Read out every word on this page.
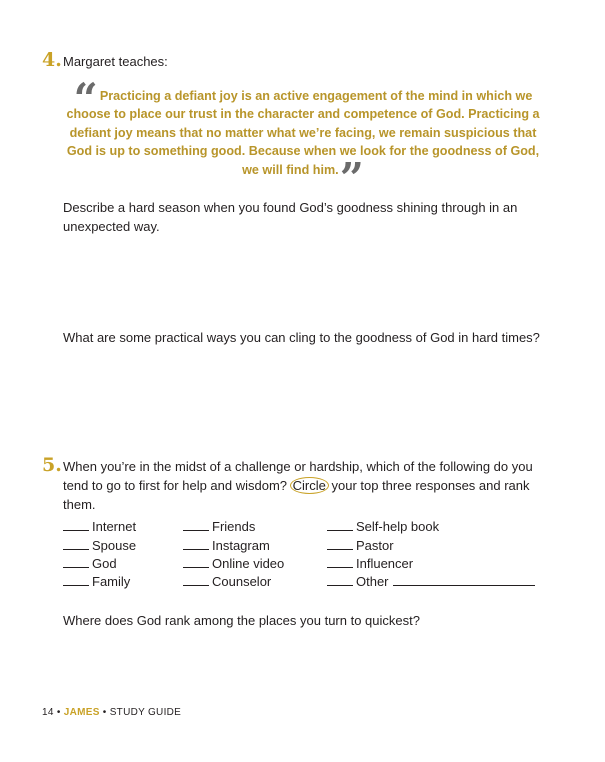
4. Margaret teaches:
“ Practicing a defiant joy is an active engagement of the mind in which we choose to place our trust in the character and competence of God. Practicing a defiant joy means that no matter what we’re facing, we remain suspicious that God is up to something good. Because when we look for the goodness of God, we will find him.”
Describe a hard season when you found God’s goodness shining through in an unexpected way.
What are some practical ways you can cling to the goodness of God in hard times?
5. When you’re in the midst of a challenge or hardship, which of the following do you tend to go to first for help and wisdom? Circle your top three responses and rank them.
Internet
Spouse
God
Family
Friends
Instagram
Online video
Counselor
Self-help book
Pastor
Influencer
Other
Where does God rank among the places you turn to quickest?
14 • JAMES • STUDY GUIDE
